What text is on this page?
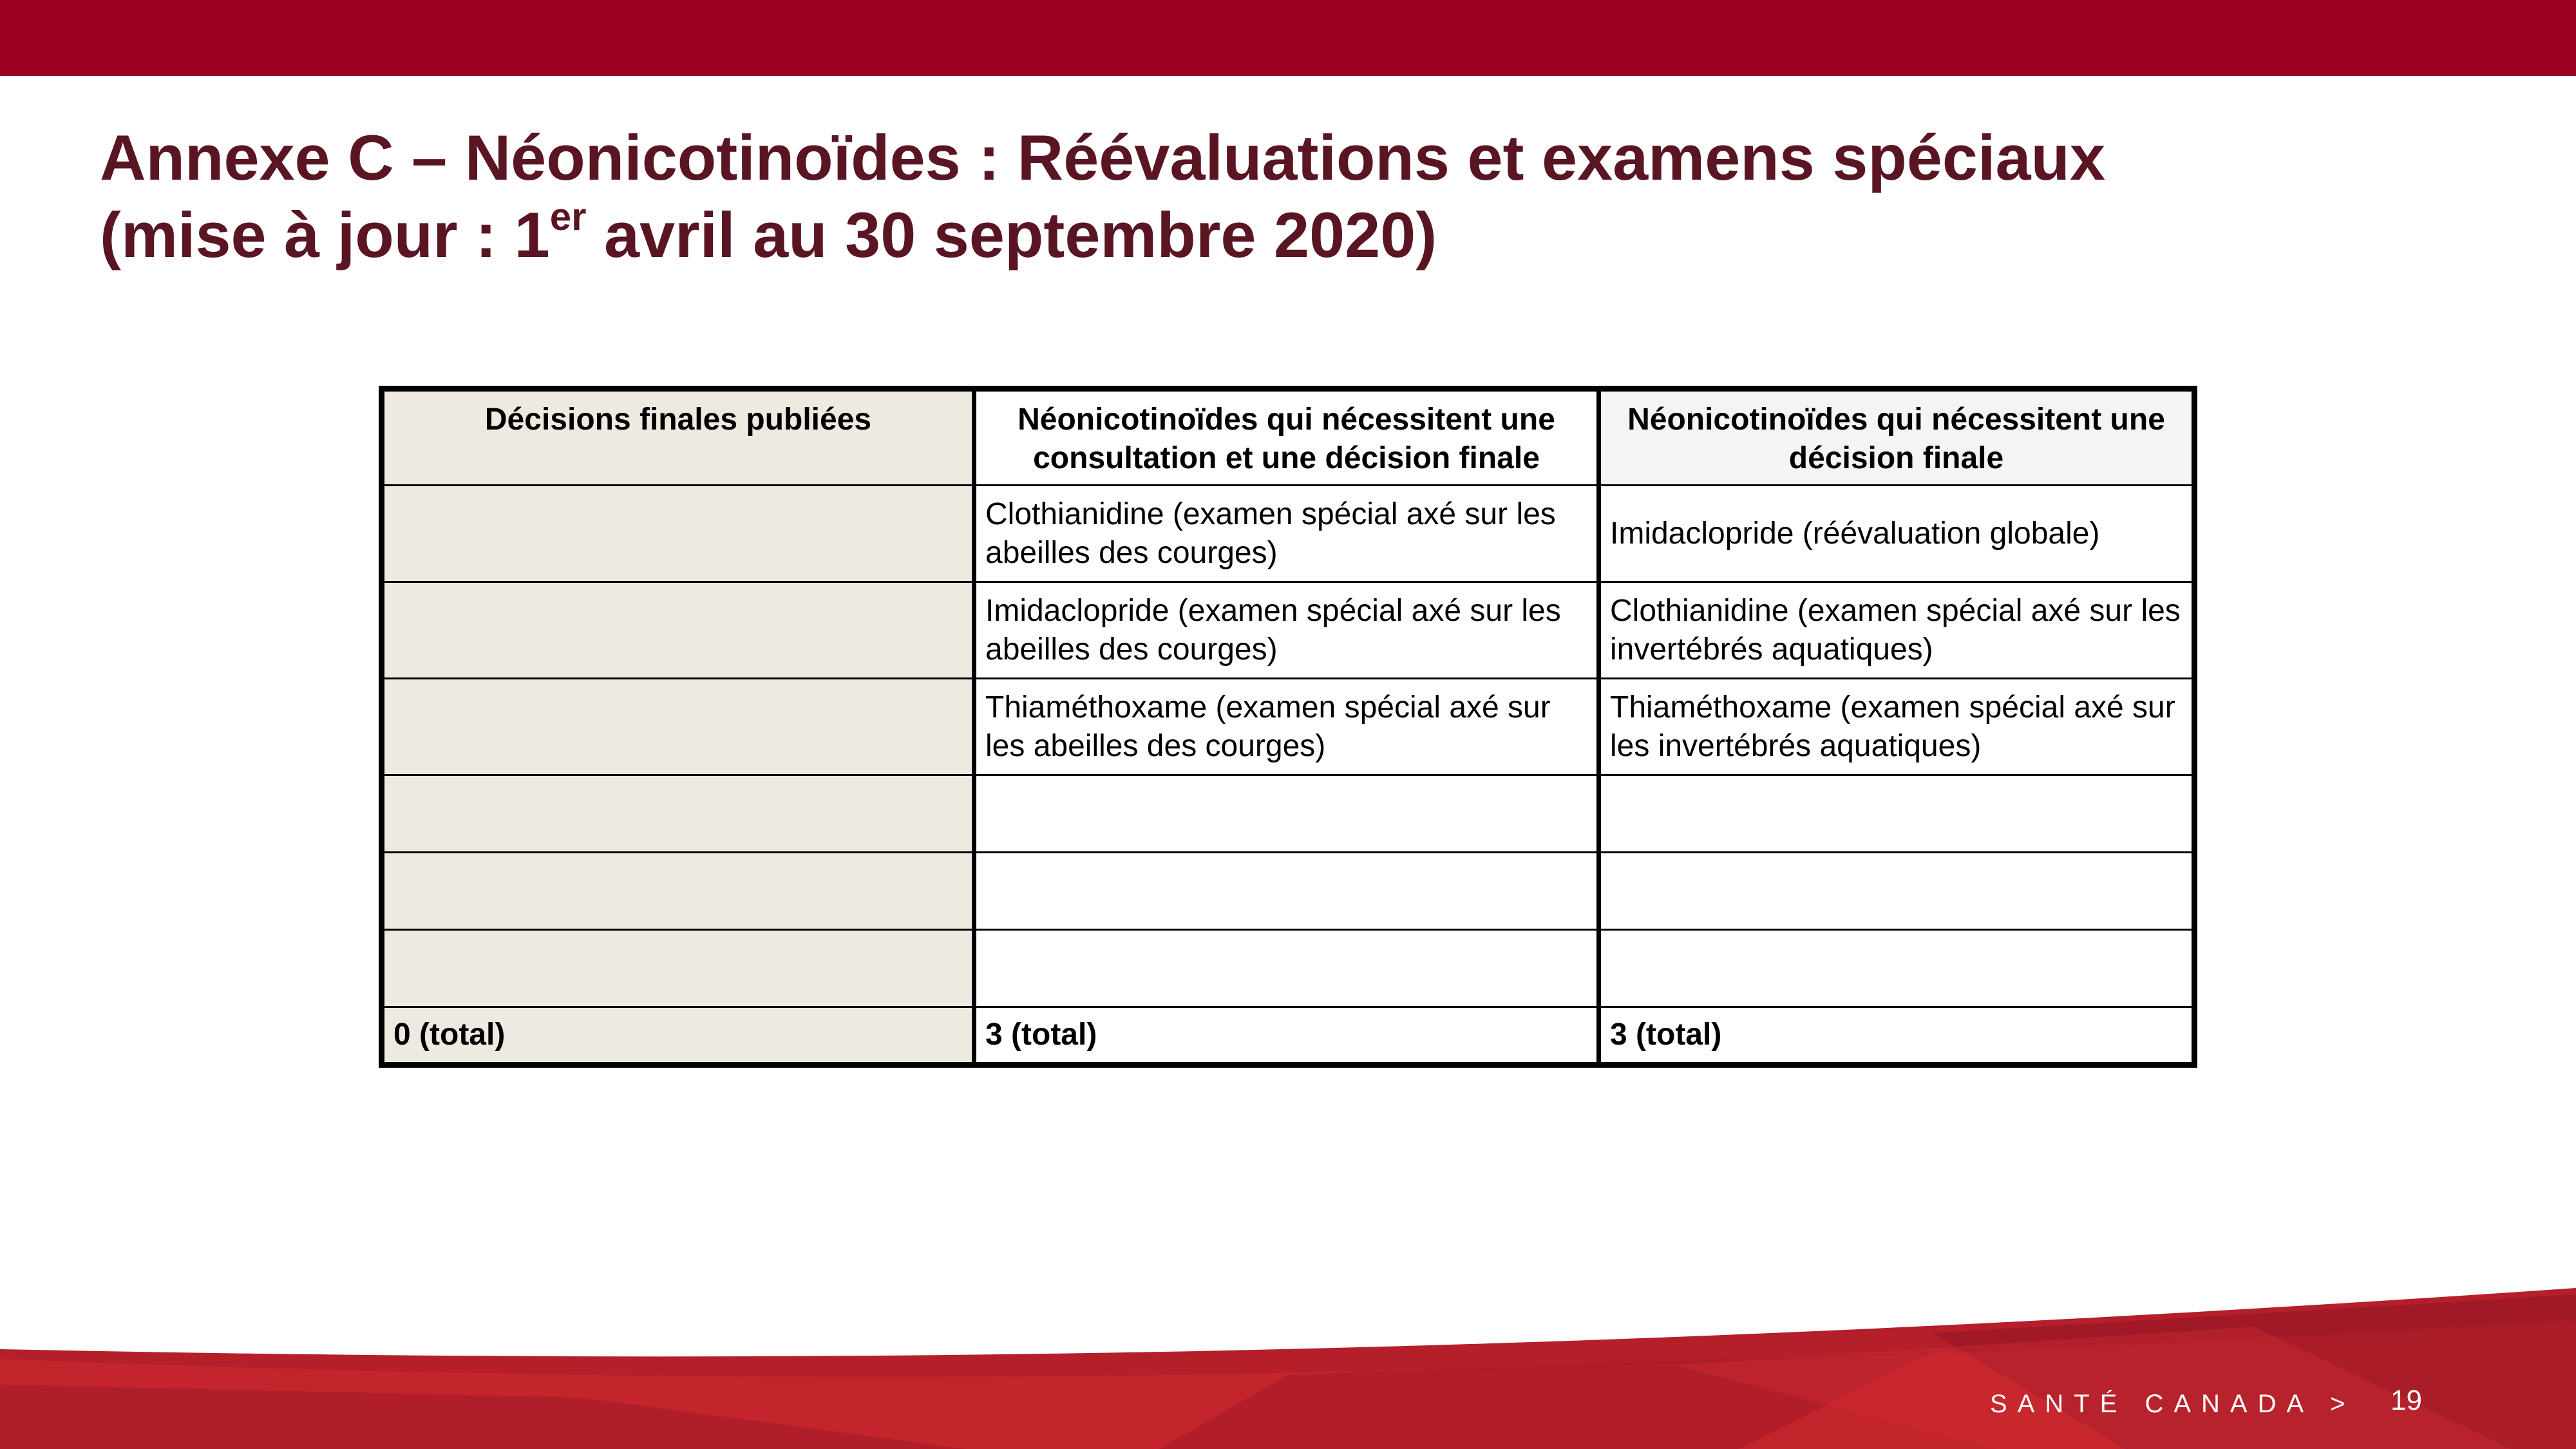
Annexe C – Néonicotinoïdes : Réévaluations et examens spéciaux
(mise à jour : 1er avril au 30 septembre 2020)
Décisions finales publiées	Néonicotinoïdes qui nécessitent une consultation et une décision finale	Néonicotinoïdes qui nécessitent une décision finale
	Clothianidine (examen spécial axé sur les abeilles des courges)	Imidaclopride (réévaluation globale)
	Imidaclopride (examen spécial axé sur les abeilles des courges)	Clothianidine (examen spécial axé sur les invertébrés aquatiques)
	Thiaméthoxame (examen spécial axé sur les abeilles des courges)	Thiaméthoxame (examen spécial axé sur les invertébrés aquatiques)

0 (total)	3 (total)	3 (total)
SANTÉ CANADA > 19
